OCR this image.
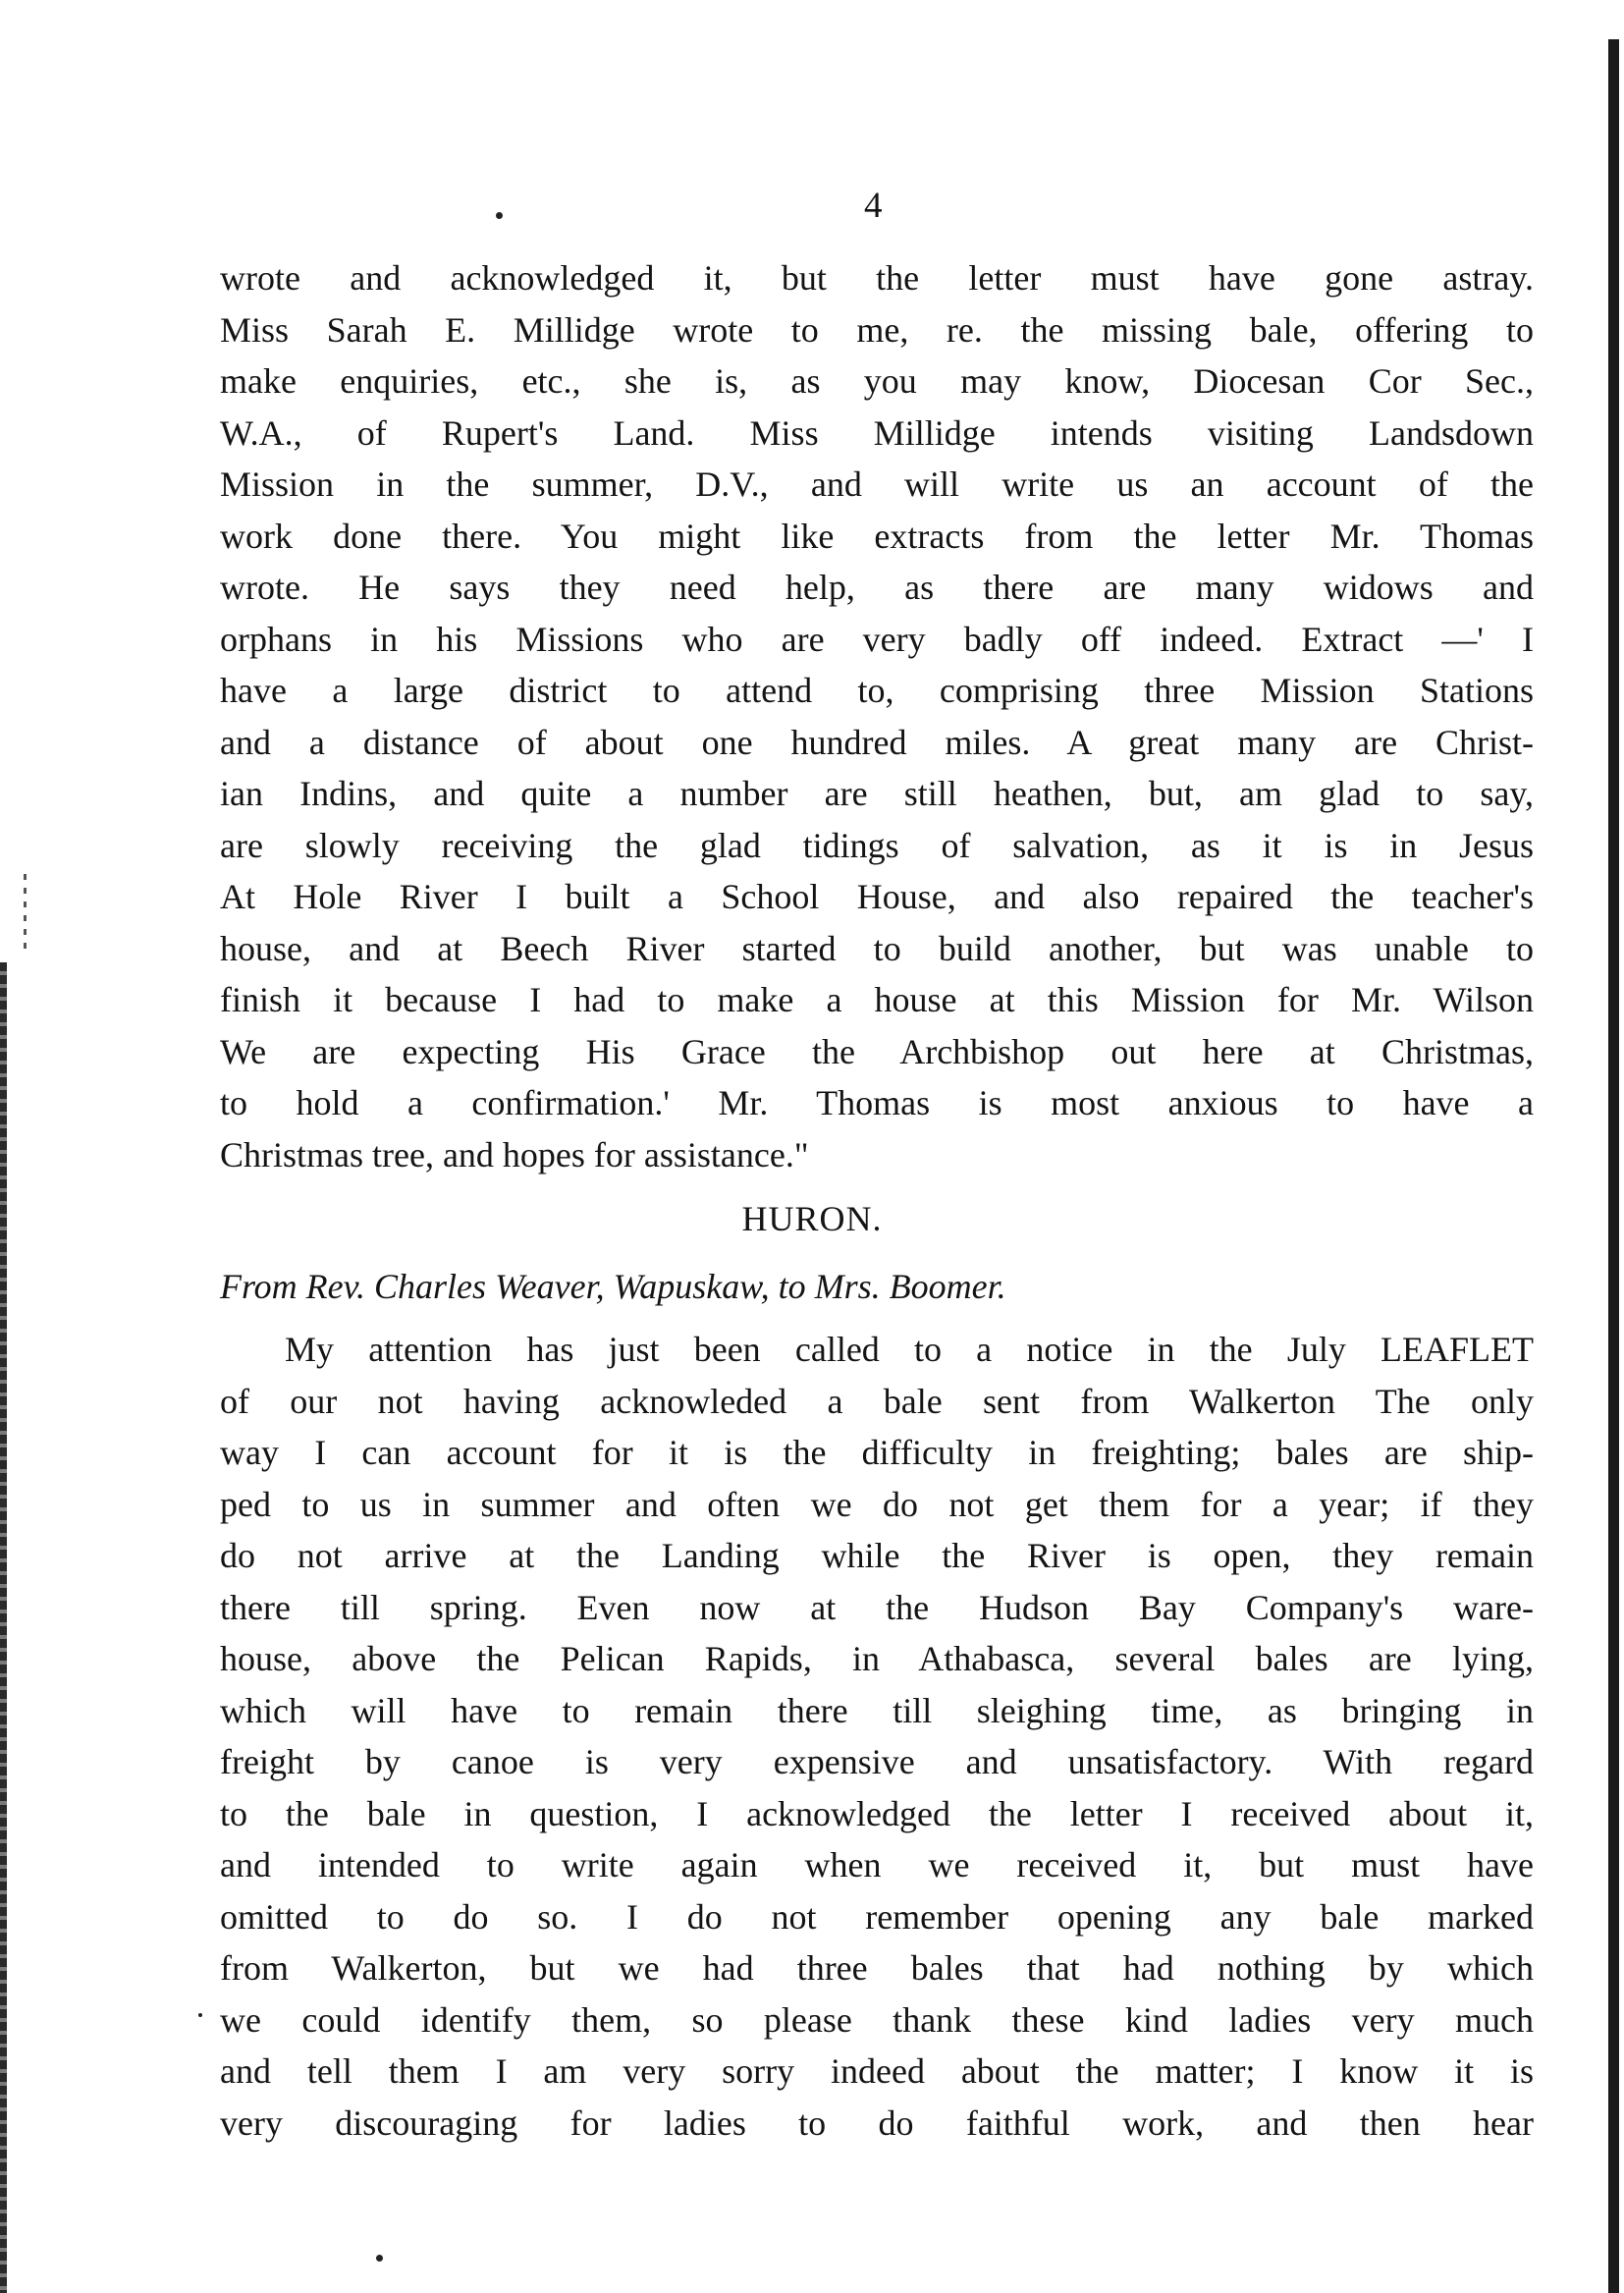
4
wrote and acknowledged it, but the letter must have gone astray.
Miss Sarah E. Millidge wrote to me, re. the missing bale, offering to
make enquiries, etc., she is, as you may know, Diocesan Cor Sec.,
W.A., of Rupert's Land. Miss Millidge intends visiting Landsdown
Mission in the summer, D.V., and will write us an account of the
work done there. You might like extracts from the letter Mr. Thomas
wrote. He says they need help, as there are many widows and
orphans in his Missions who are very badly off indeed. Extract —' I
have a large district to attend to, comprising three Mission Stations
and a distance of about one hundred miles. A great many are Christ-
ian Indins, and quite a number are still heathen, but, am glad to say,
are slowly receiving the glad tidings of salvation, as it is in Jesus
At Hole River I built a School House, and also repaired the teacher's
house, and at Beech River started to build another, but was unable to
finish it because I had to make a house at this Mission for Mr. Wilson
We are expecting His Grace the Archbishop out here at Christmas,
to hold a confirmation.' Mr. Thomas is most anxious to have a
Christmas tree, and hopes for assistance."
HURON.
From Rev. Charles Weaver, Wapuskaw, to Mrs. Boomer.
My attention has just been called to a notice in the July LEAFLET
of our not having acknowleded a bale sent from Walkerton The only
way I can account for it is the difficulty in freighting; bales are ship-
ped to us in summer and often we do not get them for a year; if they
do not arrive at the Landing while the River is open, they remain
there till spring. Even now at the Hudson Bay Company's ware-
house, above the Pelican Rapids, in Athabasca, several bales are lying,
which will have to remain there till sleighing time, as bringing in
freight by canoe is very expensive and unsatisfactory. With regard
to the bale in question, I acknowledged the letter I received about it,
and intended to write again when we received it, but must have
omitted to do so. I do not remember opening any bale marked
from Walkerton, but we had three bales that had nothing by which
we could identify them, so please thank these kind ladies very much
and tell them I am very sorry indeed about the matter; I know it is
very discouraging for ladies to do faithful work, and then hear
